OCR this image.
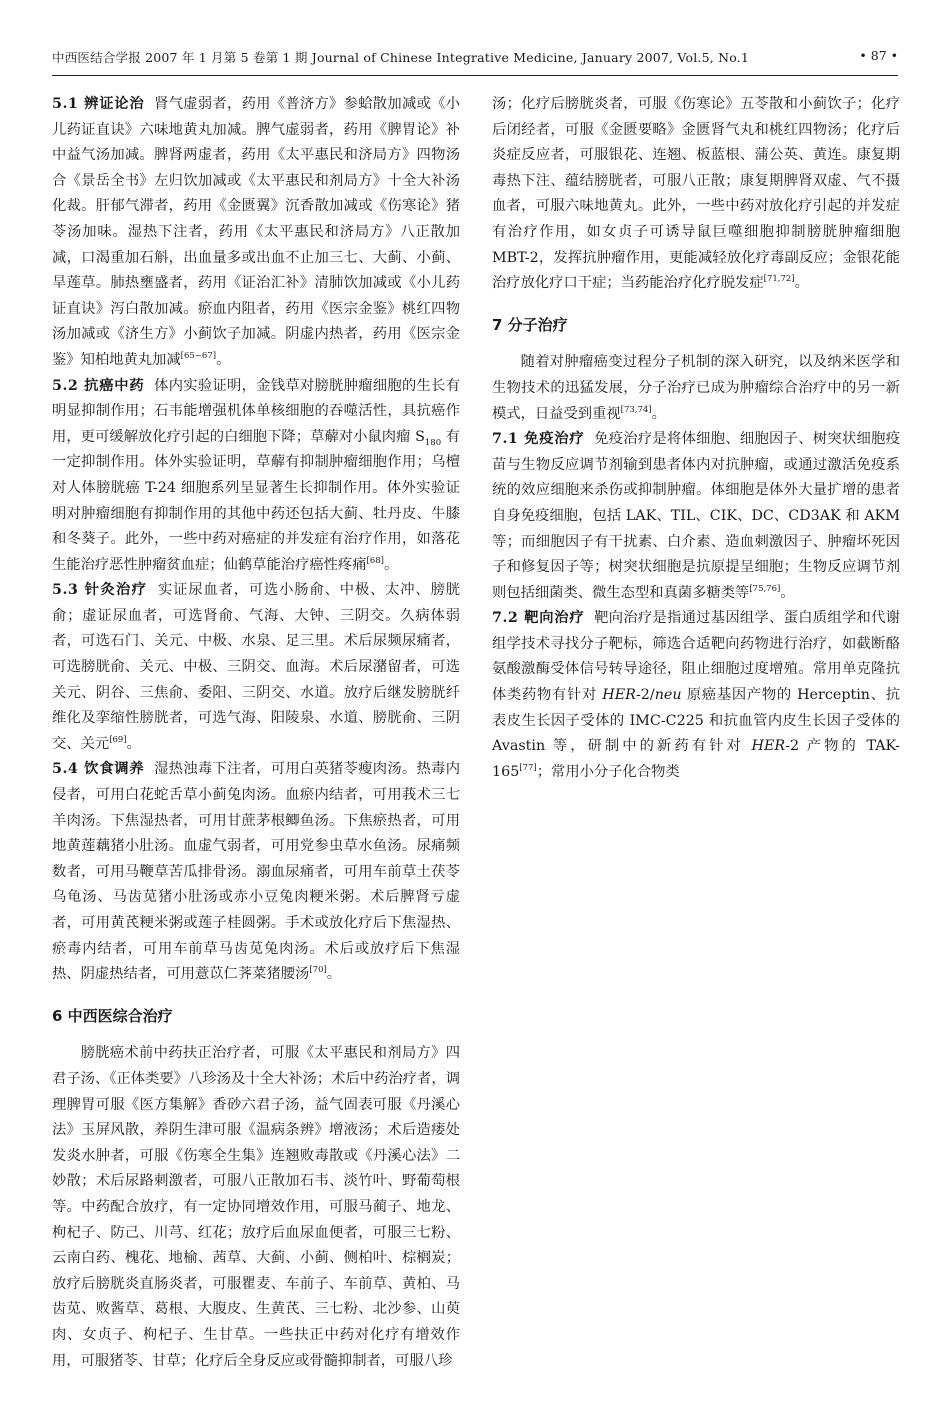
中西医结合学报 2007 年 1 月第 5 卷第 1 期 Journal of Chinese Integrative Medicine, January 2007, Vol.5, No.1	• 87 •

5.1 辨证论治 肾气虚弱者，药用《普济方》参蛤散加减或《小儿药证直诀》六味地黄丸加减。脾气虚弱者，药用《脾胃论》补中益气汤加减。脾肾两虚者，药用《太平惠民和济局方》四物汤合《景岳全书》左归饮加减或《太平惠民和剂局方》十全大补汤化裁。肝郁气滞者，药用《金匮翼》沉香散加减或《伤寒论》猪苓汤加味。湿热下注者，药用《太平惠民和济局方》八正散加减，口渴重加石斛，出血量多或出血不止加三七、大蓟、小蓟、旱莲草。肺热壅盛者，药用《证治汇补》清肺饮加减或《小儿药证直诀》泻白散加减。瘀血内阻者，药用《医宗金鉴》桃红四物汤加减或《济生方》小蓟饮子加减。阴虚内热者，药用《医宗金鉴》知柏地黄丸加减[65~67]。

5.2 抗癌中药 体内实验证明，金钱草对膀胱肿瘤细胞的生长有明显抑制作用；石韦能增强机体单核细胞的吞噬活性，具抗癌作用，更可缓解放化疗引起的白细胞下降；草薢对小鼠肉瘤 $S_{180}$ 有一定抑制作用。体外实验证明，草薢有抑制肿瘤细胞作用；乌檀对人体膀胱癌 T-24 细胞系列呈显著生长抑制作用。体外实验证明对肿瘤细胞有抑制作用的其他中药还包括大蓟、牡丹皮、牛膝和冬葵子。此外，一些中药对癌症的并发症有治疗作用，如落花生能治疗恶性肿瘤贫血症；仙鹤草能治疗癌性疼痛[68]。

5.3 针灸治疗 实证尿血者，可选小肠俞、中极、太冲、膀胱俞；虚证尿血者，可选肾俞、气海、大钟、三阴交。久病体弱者，可选石门、关元、中极、水泉、足三里。术后尿频尿痛者，可选膀胱俞、关元、中极、三阴交、血海。术后尿潴留者，可选关元、阴谷、三焦俞、委阳、三阴交、水道。放疗后继发膀胱纤维化及挛缩性膀胱者，可选气海、阳陵泉、水道、膀胱俞、三阴交、关元[69]。

5.4 饮食调养 湿热浊毒下注者，可用白英猪苓瘦肉汤。热毒内侵者，可用白花蛇舌草小蓟兔肉汤。血瘀内结者，可用莪术三七羊肉汤。下焦湿热者，可用甘蔗茅根鲫鱼汤。下焦瘀热者，可用地黄莲藕猪小肚汤。血虚气弱者，可用党参虫草水鱼汤。尿痛频数者，可用马鞭草苦瓜排骨汤。溺血尿痛者，可用车前草土茯苓乌龟汤、马齿苋猪小肚汤或赤小豆兔肉粳米粥。术后脾肾亏虚者，可用黄芪粳米粥或莲子桂圆粥。手术或放化疗后下焦湿热、瘀毒内结者，可用车前草马齿苋兔肉汤。术后或放疗后下焦湿热、阴虚热结者，可用薏苡仁荠菜猪腰汤[70]。

6 中西医综合治疗

膀胱癌术前中药扶正治疗者，可服《太平惠民和剂局方》四君子汤、《正体类要》八珍汤及十全大补汤；术后中药治疗者，调理脾胃可服《医方集解》香砂六君子汤，益气固表可服《丹溪心法》玉屏风散，养阴生津可服《温病条辨》增液汤；术后造瘘处发炎水肿者，可服《伤寒全生集》连翘败毒散或《丹溪心法》二妙散；术后尿路刺激者，可服八正散加石韦、淡竹叶、野葡萄根等。中药配合放疗，有一定协同增效作用，可服马蔺子、地龙、枸杞子、防己、川芎、红花；放疗后血尿血便者，可服三七粉、云南白药、槐花、地榆、茜草、大蓟、小蓟、侧柏叶、棕榈炭；放疗后膀胱炎直肠炎者，可服瞿麦、车前子、车前草、黄柏、马齿苋、败酱草、葛根、大腹皮、生黄芪、三七粉、北沙参、山萸肉、女贞子、枸杞子、生甘草。一些扶正中药对化疗有增效作用，可服猪苓、甘草；化疗后全身反应或骨髓抑制者，可服八珍

汤；化疗后膀胱炎者，可服《伤寒论》五苓散和小蓟饮子；化疗后闭经者，可服《金匮要略》金匮肾气丸和桃红四物汤；化疗后炎症反应者，可服银花、连翘、板蓝根、蒲公英、黄连。康复期毒热下注、蕴结膀胱者，可服八正散；康复期脾肾双虚、气不摄血者，可服六味地黄丸。此外，一些中药对放化疗引起的并发症有治疗作用，如女贞子可诱导鼠巨噬细胞抑制膀胱肿瘤细胞 MBT-2，发挥抗肿瘤作用，更能减轻放化疗毒副反应；金银花能治疗放化疗口干症；当药能治疗化疗脱发症[71,72]。

7 分子治疗

随着对肿瘤癌变过程分子机制的深入研究，以及纳米医学和生物技术的迅猛发展，分子治疗已成为肿瘤综合治疗中的另一新模式，日益受到重视[73,74]。

7.1 免疫治疗 免疫治疗是将体细胞、细胞因子、树突状细胞疫苗与生物反应调节剂输到患者体内对抗肿瘤，或通过激活免疫系统的效应细胞来杀伤或抑制肿瘤。体细胞是体外大量扩增的患者自身免疫细胞，包括 LAK、TIL、CIK、DC、CD3AK 和 AKM 等；而细胞因子有干扰素、白介素、造血刺激因子、肿瘤坏死因子和修复因子等；树突状细胞是抗原提呈细胞；生物反应调节剂则包括细菌类、微生态型和真菌多糖类等[75,76]。

7.2 靶向治疗 靶向治疗是指通过基因组学、蛋白质组学和代谢组学技术寻找分子靶标，筛选合适靶向药物进行治疗，如截断酪氨酸激酶受体信号转导途径，阻止细胞过度增殖。常用单克隆抗体类药物有针对 HER-2/neu 原癌基因产物的 Herceptin、抗表皮生长因子受体的 IMC-C225 和抗血管内皮生长因子受体的 Avastin 等，研制中的新药有针对 HER-2 产物的 TAK-165[77]；常用小分子化合物类
